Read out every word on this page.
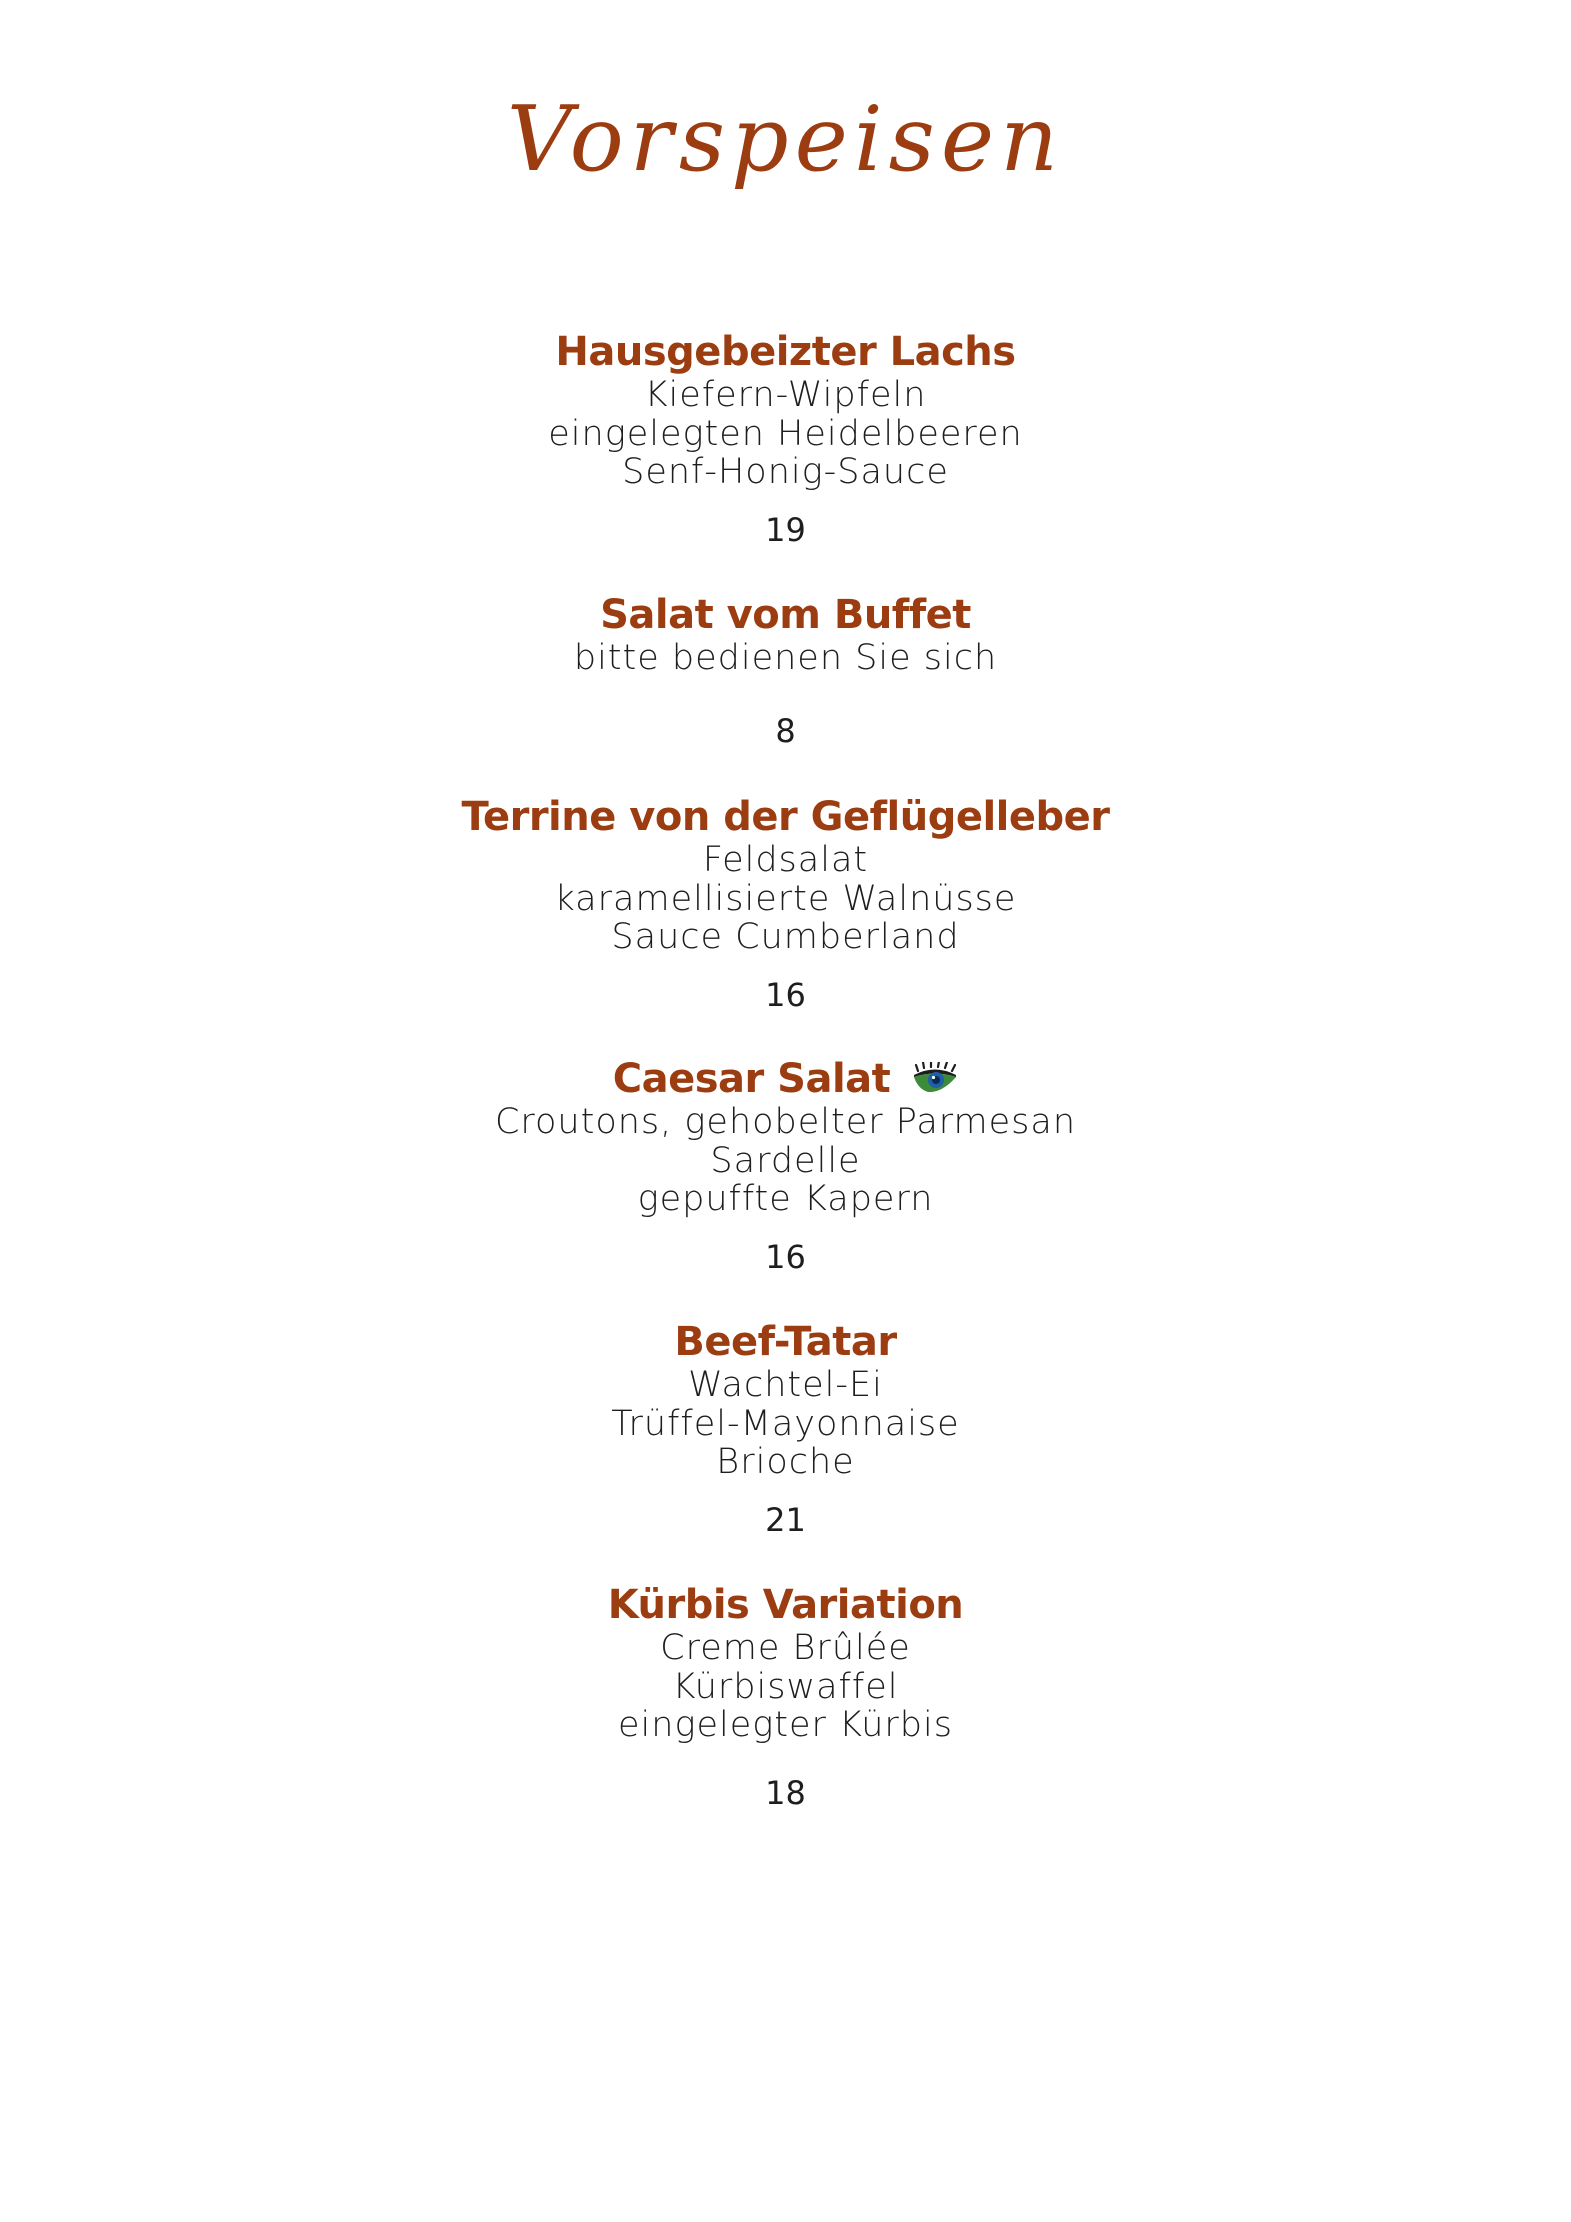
Vorspeisen
Hausgebeizter Lachs
Kiefern-Wipfeln
eingelegten Heidelbeeren
Senf-Honig-Sauce
19
Salat vom Buffet
bitte bedienen Sie sich
8
Terrine von der Geflügelleber
Feldsalat
karamellisierte Walnüsse
Sauce Cumberland
16
Caesar Salat
Croutons, gehobelter Parmesan
Sardelle
gepuffte Kapern
16
Beef-Tatar
Wachtel-Ei
Trüffel-Mayonnaise
Brioche
21
Kürbis Variation
Creme Brûlée
Kürbiswaffel
eingelegter Kürbis
18
